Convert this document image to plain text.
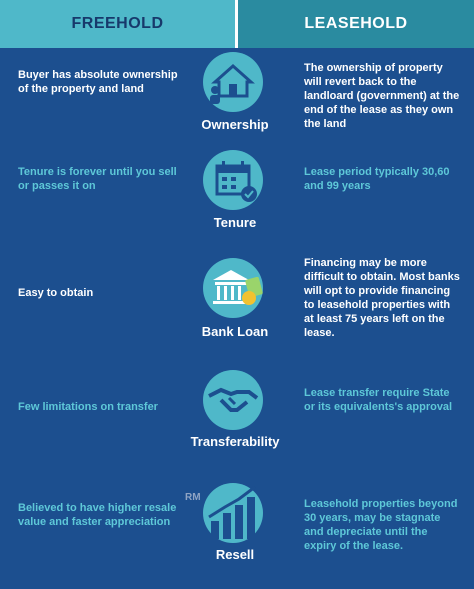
FREEHOLD	LEASEHOLD
Buyer has absolute ownership of the property and land
Ownership
The ownership of property will revert back to the landloard (government) at the end of the lease as they own the land
Tenure is forever until you sell or passes it on
Tenure
Lease period typically 30,60 and 99 years
Easy to obtain
Bank Loan
Financing may be more difficult to obtain. Most banks will opt to provide financing to leasehold properties with at least 75 years left on the lease.
Few limitations on transfer
Transferability
Lease transfer require State or its equivalents's approval
Believed to have higher resale value and faster appreciation
RM
Resell
Leasehold properties beyond 30 years, may be stagnate and depreciate until the expiry of the lease.
